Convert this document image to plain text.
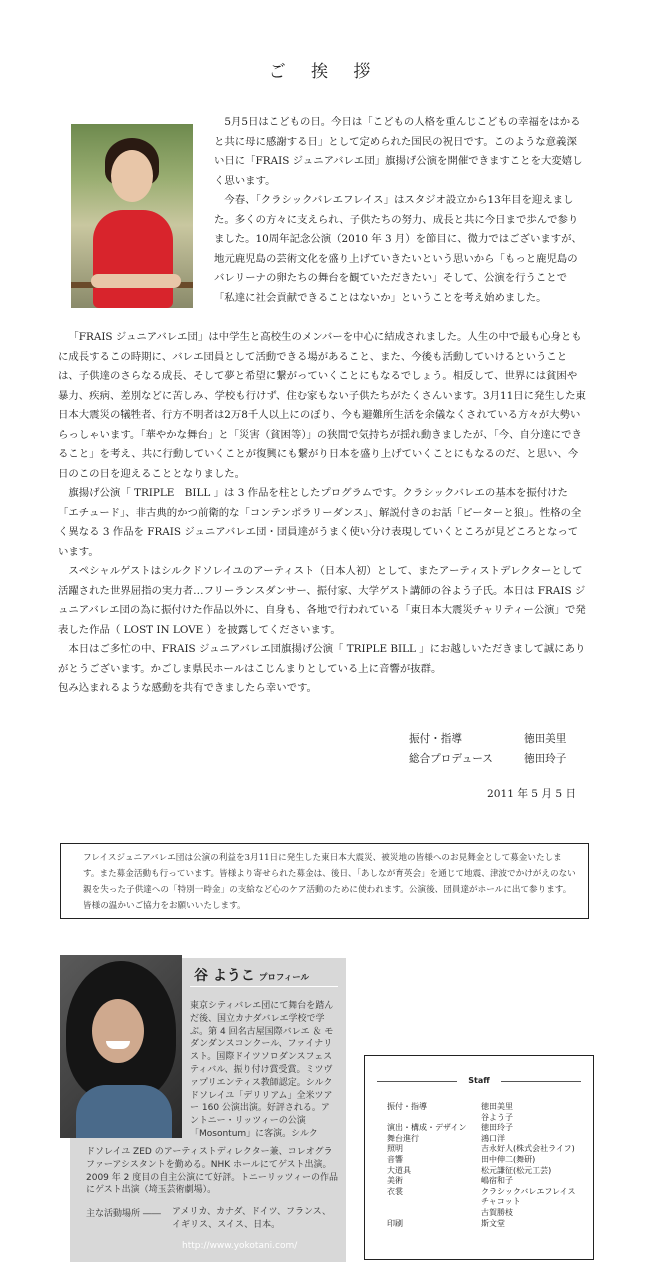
ご 挨 拶

5月5日はこどもの日。今日は「こどもの人格を重んじこどもの幸福をはかると共に母に感謝する日」として定められた国民の祝日です。このような意義深い日に「FRAIS ジュニアバレエ団」旗揚げ公演を開催できますことを大変嬉しく思います。

今春、「クラシックバレエフレイス」はスタジオ設立から13年目を迎えました。多くの方々に支えられ、子供たちの努力、成長と共に今日まで歩んで参りました。10周年記念公演（2010 年 3 月）を節目に、微力ではございますが、地元鹿児島の芸術文化を盛り上げていきたいという思いから「もっと鹿児島のバレリーナの卵たちの舞台を観ていただきたい」そして、公演を行うことで「私達に社会貢献できることはないか」ということを考え始めました。

「FRAIS ジュニアバレエ団」は中学生と高校生のメンバーを中心に結成されました。人生の中で最も心身ともに成長するこの時期に、バレエ団員として活動できる場があること、また、今後も活動していけるということは、子供達のさらなる成長、そして夢と希望に繋がっていくことにもなるでしょう。相反して、世界には貧困や暴力、疾病、差別などに苦しみ、学校も行けず、住む家もない子供たちがたくさんいます。3月11日に発生した東日本大震災の犠牲者、行方不明者は2万8千人以上にのぼり、今も避難所生活を余儀なくされている方々が大勢いらっしゃいます。「華やかな舞台」と「災害（貧困等）」の狭間で気持ちが揺れ動きましたが、「今、自分達にできること」を考え、共に行動していくことが復興にも繋がり日本を盛り上げていくことにもなるのだ、と思い、今日のこの日を迎えることとなりました。

旗揚げ公演「 TRIPLE　BILL 」は 3 作品を柱としたプログラムです。クラシックバレエの基本を振付けた「エチュード」、非古典的かつ前衛的な「コンテンポラリーダンス」、解説付きのお話「ピーターと狼」。性格の全く異なる 3 作品を FRAIS ジュニアバレエ団・団員達がうまく使い分け表現していくところが見どころとなっています。

スペシャルゲストはシルクドソレイユのアーティスト（日本人初）として、またアーティストデレクターとして活躍された世界屈指の実力者…フリーランスダンサー、振付家、大学ゲスト講師の谷よう子氏。本日は FRAIS ジュニアバレエ団の為に振付けた作品以外に、自身も、各地で行われている「東日本大震災チャリティー公演」で発表した作品（ LOST IN LOVE ）を披露してくださいます。

本日はご多忙の中、FRAIS ジュニアバレエ団旗揚げ公演「 TRIPLE BILL 」にお越しいただきまして誠にありがとうございます。かごしま県民ホールはこじんまりとしている上に音響が抜群。

包み込まれるような感動を共有できましたら幸いです。

振付・指導	徳田美里
総合プロデュース	徳田玲子
2011 年 5 月 5 日
フレイスジュニアバレエ団は公演の利益を3月11日に発生した東日本大震災、被災地の皆様へのお見舞金として募金いたします。また募金活動も行っています。皆様より寄せられた募金は、後日、「あしなが育英会」を通じて地震、津波でかけがえのない親を失った子供達への「特別一時金」の支給など心のケア活動のために使われます。公演後、団員達がホールに出て参ります。皆様の温かいご協力をお願いいたします。
谷 ようこ プロフィール
東京シティバレエ団にて舞台を踏んだ後、国立カナダバレエ学校で学ぶ。第 4 回名古屋国際バレエ ＆ モダンダンスコンクール、ファイナリスト。国際ドイツソロダンスフェスティバル、振り付け賞受賞。ミツヴァプリエンティス教師認定。シルクドソレイユ「デリリアム」全米ツアー 160 公演出演。好評される。アントニー・リッツィーの公演「Mosontum」に客演。シルク
ドソレイユ ZED のアーティストディレクター兼、コレオグラファーアシスタントを勤める。NHK ホールにてゲスト出演。2009 年 2 度目の自主公演にて好評。トニーリッツィーの作品にゲスト出演（埼玉芸術劇場）。
主な活動場所 ―― アメリカ、カナダ、ドイツ、フランス、イギリス、スイス、日本。
http://www.yokotani.com/
Staff
振付・指導	徳田美里
谷よう子
演出・構成・デザイン	徳田玲子
舞台進行	鴻口洋
照明	吉永好人(株式会社ライフ)
音響	田中伸二(舞研)
大道具	松元謙征(松元工芸)
美術	嶋宿和子
衣裳	クラシックバレエフレイス
チャコット
古賀勝枝
印刷	斯文堂
